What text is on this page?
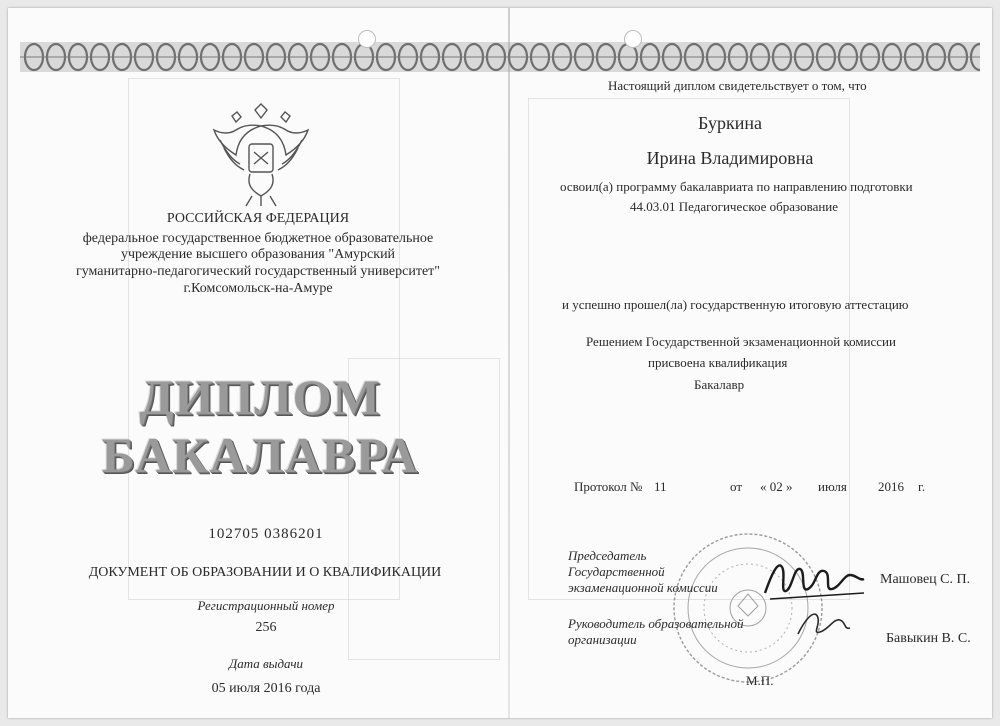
РОССИЙСКАЯ ФЕДЕРАЦИЯ
федеральное государственное бюджетное образовательное
учреждение высшего образования "Амурский
гуманитарно-педагогический государственный университет"
г.Комсомольск-на-Амуре
ДИПЛОМ
БАКАЛАВРА
102705 0386201
ДОКУМЕНТ ОБ ОБРАЗОВАНИИ И О КВАЛИФИКАЦИИ
Регистрационный номер
256
Дата выдачи
05 июля 2016 года
Настоящий диплом свидетельствует о том, что
Буркина
Ирина Владимировна
освоил(а) программу бакалавриата по направлению подготовки
44.03.01 Педагогическое образование
и успешно прошел(ла) государственную итоговую аттестацию
Решением Государственной экзаменационной комиссии
присвоена квалификация
Бакалавр
Протокол № 11	от « 02 » июля 2016 г.
Председатель
Государственной
экзаменационной комиссии
Машовец С. П.
Руководитель образовательной
организации	Бавыкин В. С.
М.П.
